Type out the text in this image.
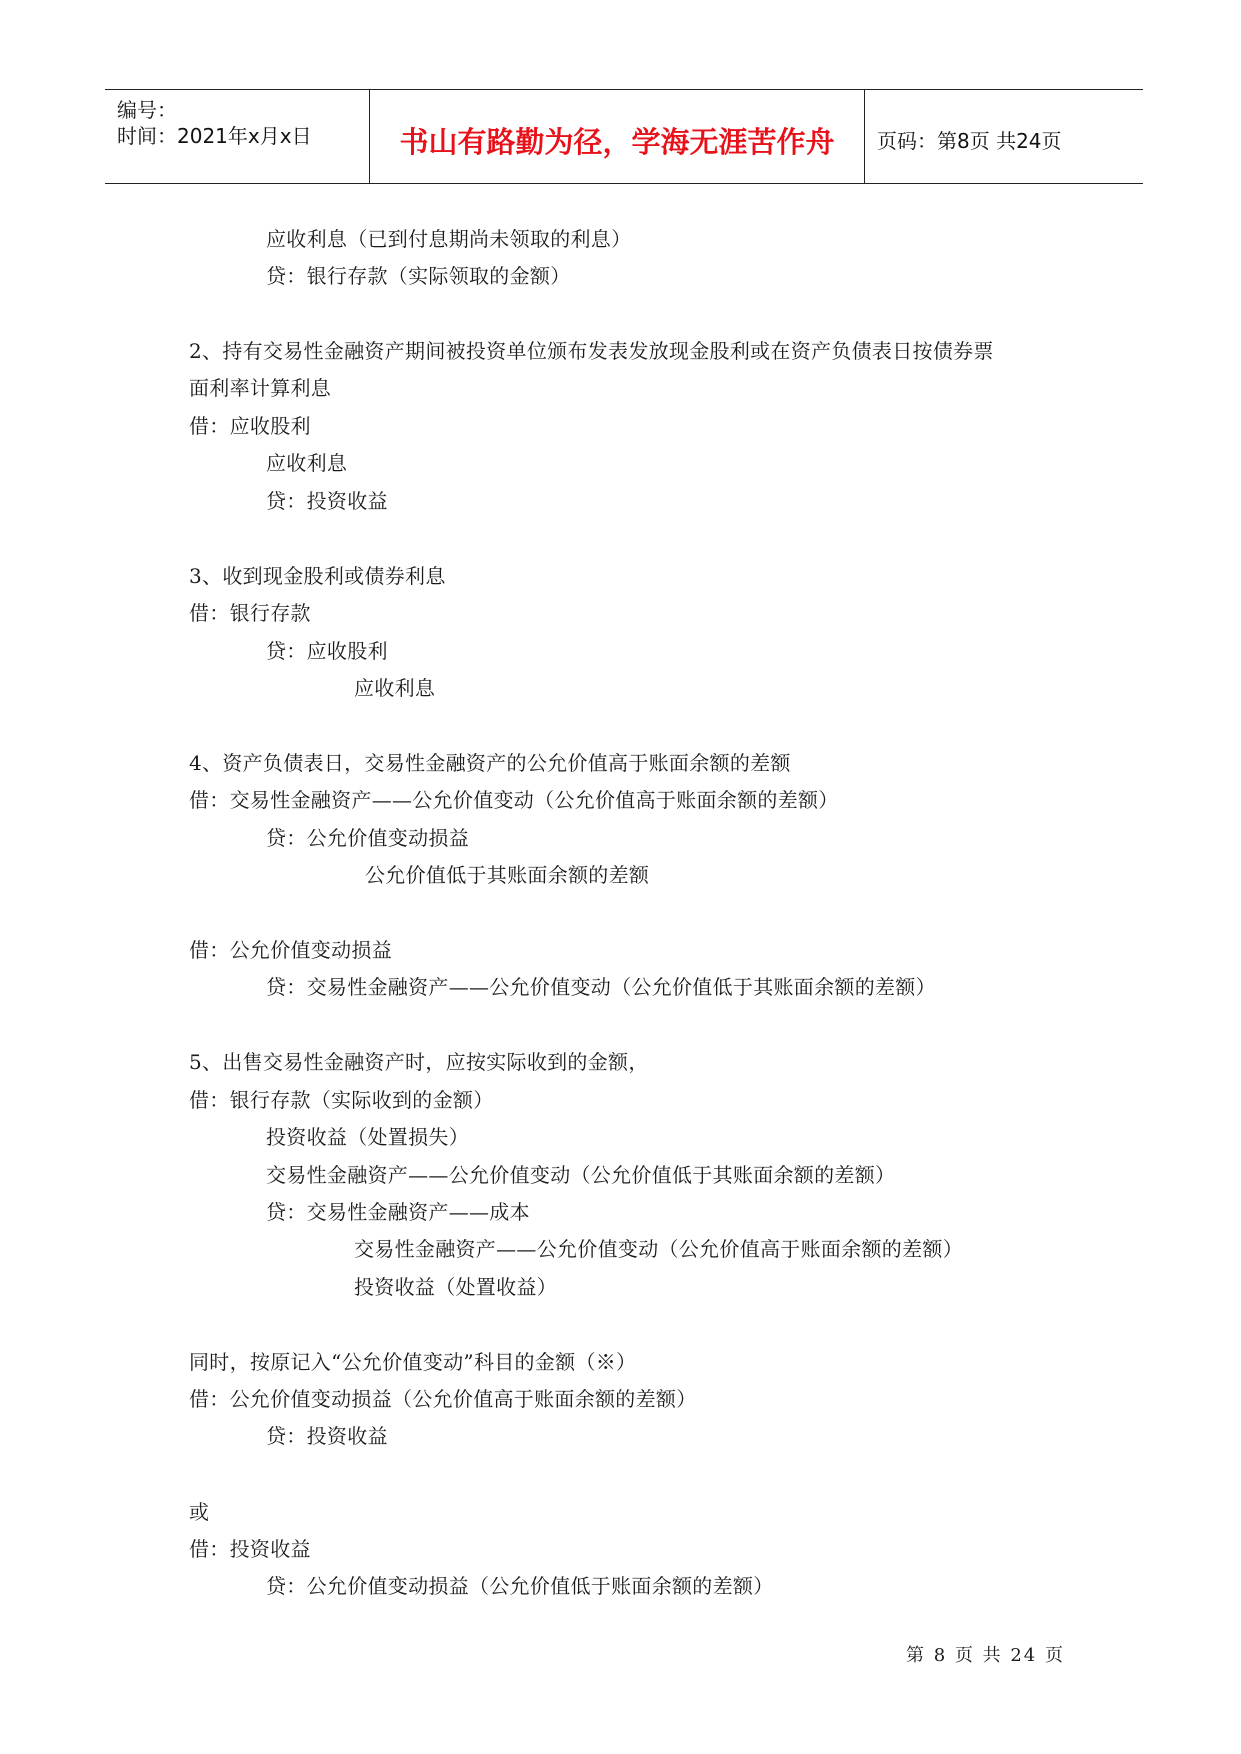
编号：
时间：2021年x月x日	书山有路勤为径，学海无涯苦作舟	页码：第8页 共24页
应收利息（已到付息期尚未领取的利息）
贷：银行存款（实际领取的金额）
2、持有交易性金融资产期间被投资单位颁布发表发放现金股利或在资产负债表日按债券票
面利率计算利息
借：应收股利
应收利息
贷：投资收益
3、收到现金股利或债券利息
借：银行存款
贷：应收股利
应收利息
4、资产负债表日，交易性金融资产的公允价值高于账面余额的差额
借：交易性金融资产——公允价值变动（公允价值高于账面余额的差额）
贷：公允价值变动损益
公允价值低于其账面余额的差额
借：公允价值变动损益
贷：交易性金融资产——公允价值变动（公允价值低于其账面余额的差额）
5、出售交易性金融资产时，应按实际收到的金额，
借：银行存款（实际收到的金额）
投资收益（处置损失）
交易性金融资产——公允价值变动（公允价值低于其账面余额的差额）
贷：交易性金融资产——成本
交易性金融资产——公允价值变动（公允价值高于账面余额的差额）
投资收益（处置收益）
同时，按原记入“公允价值变动”科目的金额（※）
借：公允价值变动损益（公允价值高于账面余额的差额）
贷：投资收益
或
借：投资收益
贷：公允价值变动损益（公允价值低于账面余额的差额）
第 8 页 共 24 页
